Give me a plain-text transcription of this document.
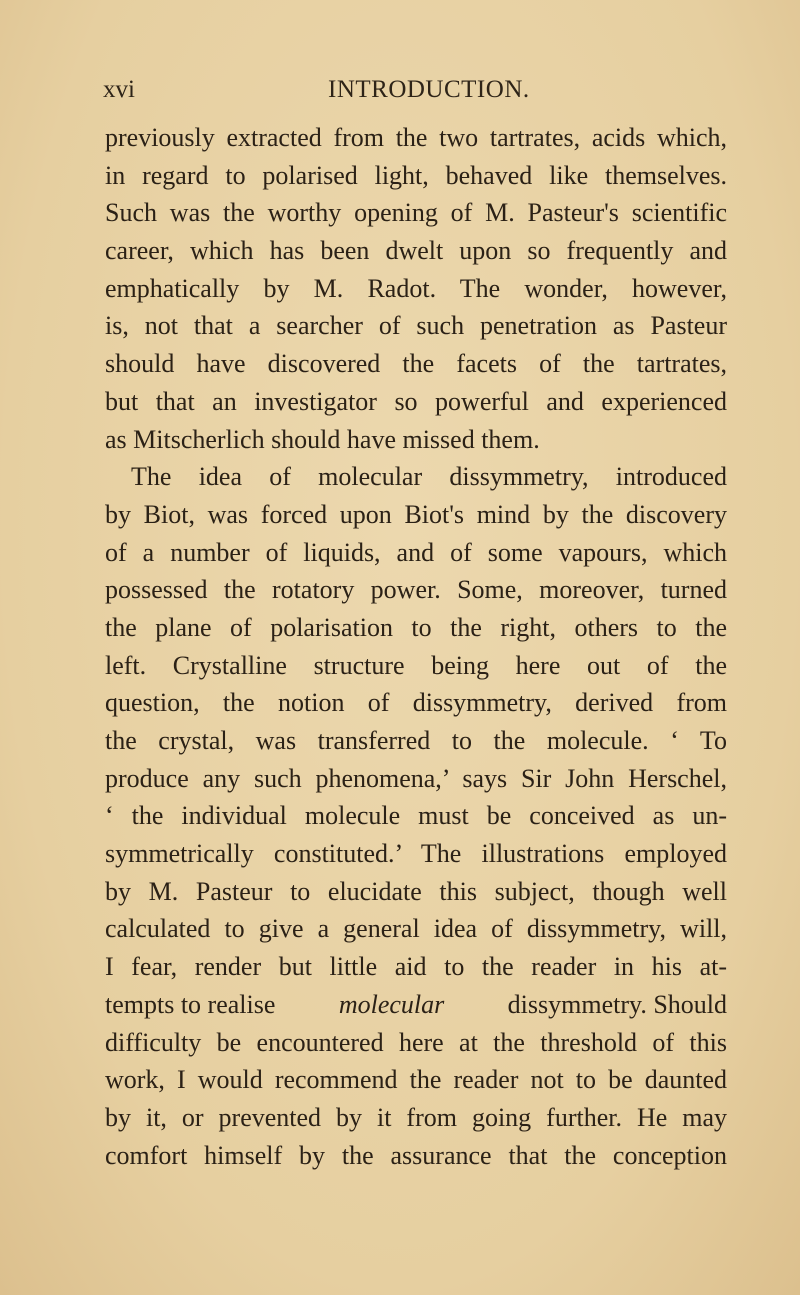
xvi	INTRODUCTION.
previously extracted from the two tartrates, acids which,
in regard to polarised light, behaved like themselves.
Such was the worthy opening of M. Pasteur's scientific
career, which has been dwelt upon so frequently and
emphatically by M. Radot. The wonder, however,
is, not that a searcher of such penetration as Pasteur
should have discovered the facets of the tartrates,
but that an investigator so powerful and experienced
as Mitscherlich should have missed them.
The idea of molecular dissymmetry, introduced
by Biot, was forced upon Biot's mind by the discovery
of a number of liquids, and of some vapours, which
possessed the rotatory power. Some, moreover, turned
the plane of polarisation to the right, others to the
left. Crystalline structure being here out of the
question, the notion of dissymmetry, derived from
the crystal, was transferred to the molecule. ‘ To
produce any such phenomena,’ says Sir John Herschel,
‘ the individual molecule must be conceived as un-
symmetrically constituted.’ The illustrations employed
by M. Pasteur to elucidate this subject, though well
calculated to give a general idea of dissymmetry, will,
I fear, render but little aid to the reader in his at-
tempts to realise molecular dissymmetry. Should
difficulty be encountered here at the threshold of this
work, I would recommend the reader not to be daunted
by it, or prevented by it from going further. He may
comfort himself by the assurance that the conception
